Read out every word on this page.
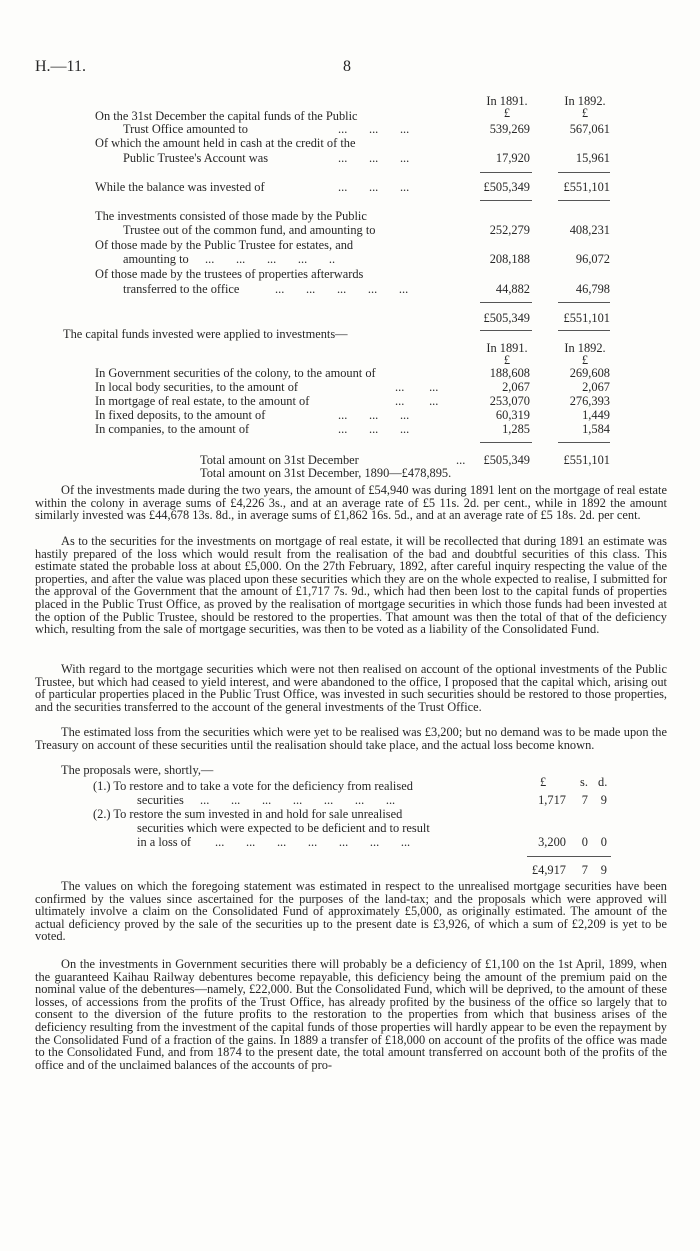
H.—11.	8
In 1891.	In 1892.
£	£
On the 31st December the capital funds of the Public
Trust Office amounted to	...       ...       ...	539,269	567,061
Of which the amount held in cash at the credit of the
Public Trustee's Account was	...       ...       ...	17,920	15,961
While the balance was invested of	...       ...       ...	£505,349	£551,101
The investments consisted of those made by the Public
Trustee out of the common fund, and amounting to	252,279	408,231
Of those made by the Public Trustee for estates, and
amounting to ...       ...       ...       ...       ..	208,188	96,072
Of those made by the trustees of properties afterwards
transferred to the office	...       ...       ...       ...       ...	44,882	46,798
£505,349	£551,101
The capital funds invested were applied to investments—
In 1891.	In 1892.
£	£
In Government securities of the colony, to the amount of	188,608	269,608
In local body securities, to the amount of	...        ...	2,067	2,067
In mortgage of real estate, to the amount of	...        ...	253,070	276,393
In fixed deposits, to the amount of	...       ...       ...	60,319	1,449
In companies, to the amount of	...       ...       ...	1,285	1,584
Total amount on 31st December	... £505,349	£551,101
Total amount on 31st December, 1890—£478,895.
Of the investments made during the two years, the amount of £54,940 was during 1891 lent on the mortgage of real estate within the colony in average sums of £4,226 3s., and at an average rate of £5 11s. 2d. per cent., while in 1892 the amount similarly invested was £44,678 13s. 8d., in average sums of £1,862 16s. 5d., and at an average rate of £5 18s. 2d. per cent.
As to the securities for the investments on mortgage of real estate, it will be recollected that during 1891 an estimate was hastily prepared of the loss which would result from the realisation of the bad and doubtful securities of this class. This estimate stated the probable loss at about £5,000. On the 27th February, 1892, after careful inquiry respecting the value of the properties, and after the value was placed upon these securities which they are on the whole expected to realise, I submitted for the approval of the Government that the amount of £1,717 7s. 9d., which had then been lost to the capital funds of properties placed in the Public Trust Office, as proved by the realisation of mortgage securities in which those funds had been invested at the option of the Public Trustee, should be restored to the properties. That amount was then the total of that of the deficiency which, resulting from the sale of mortgage securities, was then to be voted as a liability of the Consolidated Fund.
With regard to the mortgage securities which were not then realised on account of the optional investments of the Public Trustee, but which had ceased to yield interest, and were abandoned to the office, I proposed that the capital which, arising out of particular properties placed in the Public Trust Office, was invested in such securities should be restored to those properties, and the securities transferred to the account of the general investments of the Trust Office.
The estimated loss from the securities which were yet to be realised was £3,200; but no demand was to be made upon the Treasury on account of these securities until the realisation should take place, and the actual loss become known.
The proposals were, shortly,—
£	s. d.
(1.) To restore and to take a vote for the deficiency from realised
securities ...       ...       ...       ...       ...       ...       ...	1,717 7 9
(2.) To restore the sum invested in and hold for sale unrealised
securities which were expected to be deficient and to result
in a loss of ...       ...       ...       ...       ...       ...       ...	3,200 0 0
£4,917 7 9
The values on which the foregoing statement was estimated in respect to the unrealised mortgage securities have been confirmed by the values since ascertained for the purposes of the land-tax; and the proposals which were approved will ultimately involve a claim on the Consolidated Fund of approximately £5,000, as originally estimated. The amount of the actual deficiency proved by the sale of the securities up to the present date is £3,926, of which a sum of £2,209 is yet to be voted.
On the investments in Government securities there will probably be a deficiency of £1,100 on the 1st April, 1899, when the guaranteed Kaihau Railway debentures become repayable, this deficiency being the amount of the premium paid on the nominal value of the debentures—namely, £22,000. But the Consolidated Fund, which will be deprived, to the amount of these losses, of accessions from the profits of the Trust Office, has already profited by the business of the office so largely that to consent to the diversion of the future profits to the restoration to the properties from which that business arises of the deficiency resulting from the investment of the capital funds of those properties will hardly appear to be even the repayment by the Consolidated Fund of a fraction of the gains. In 1889 a transfer of £18,000 on account of the profits of the office was made to the Consolidated Fund, and from 1874 to the present date, the total amount transferred on account both of the profits of the office and of the unclaimed balances of the accounts of pro-
